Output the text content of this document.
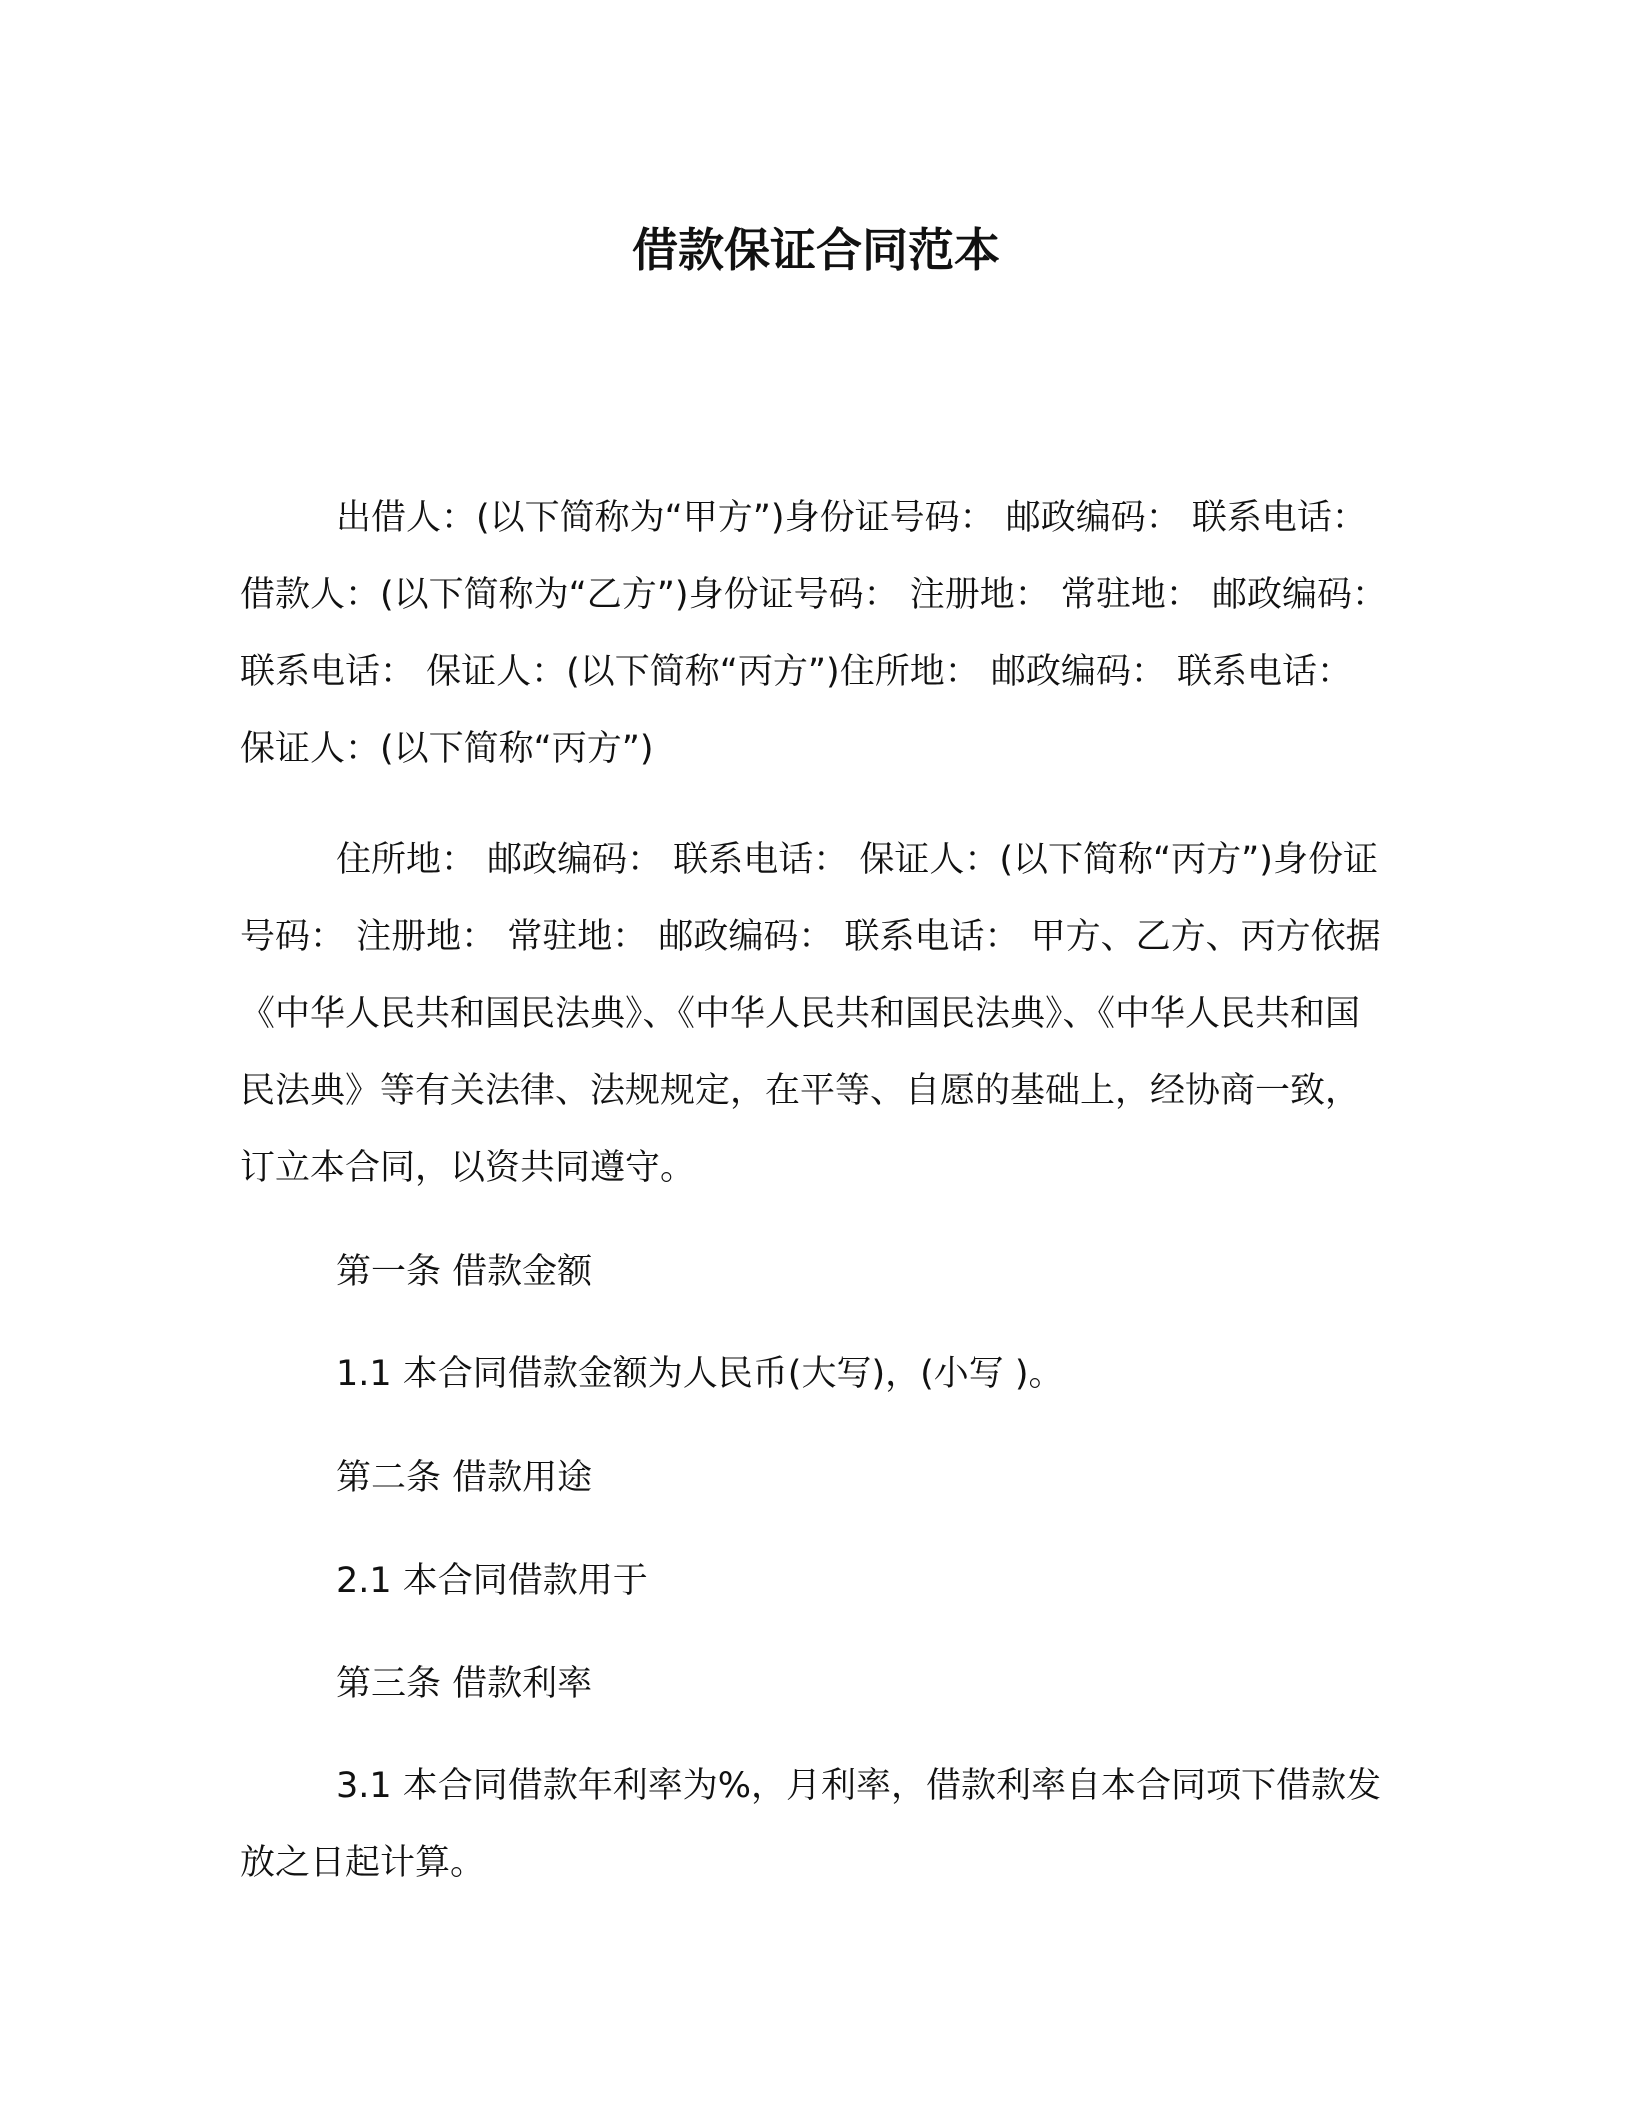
借款保证合同范本

出借人：(以下简称为“甲方”)身份证号码： 邮政编码： 联系电话： 借款人：(以下简称为“乙方”)身份证号码： 注册地： 常驻地： 邮政编码： 联系电话： 保证人：(以下简称“丙方”)住所地： 邮政编码： 联系电话： 保证人：(以下简称“丙方”)

住所地： 邮政编码： 联系电话： 保证人：(以下简称“丙方”)身份证号码： 注册地： 常驻地： 邮政编码： 联系电话： 甲方、乙方、丙方依据《中华人民共和国民法典》、《中华人民共和国民法典》、《中华人民共和国民法典》等有关法律、法规规定，在平等、自愿的基础上，经协商一致，订立本合同，以资共同遵守。

第一条 借款金额

1.1 本合同借款金额为人民币(大写)，(小写 )。

第二条 借款用途

2.1 本合同借款用于

第三条 借款利率

3.1 本合同借款年利率为%，月利率，借款利率自本合同项下借款发放之日起计算。
